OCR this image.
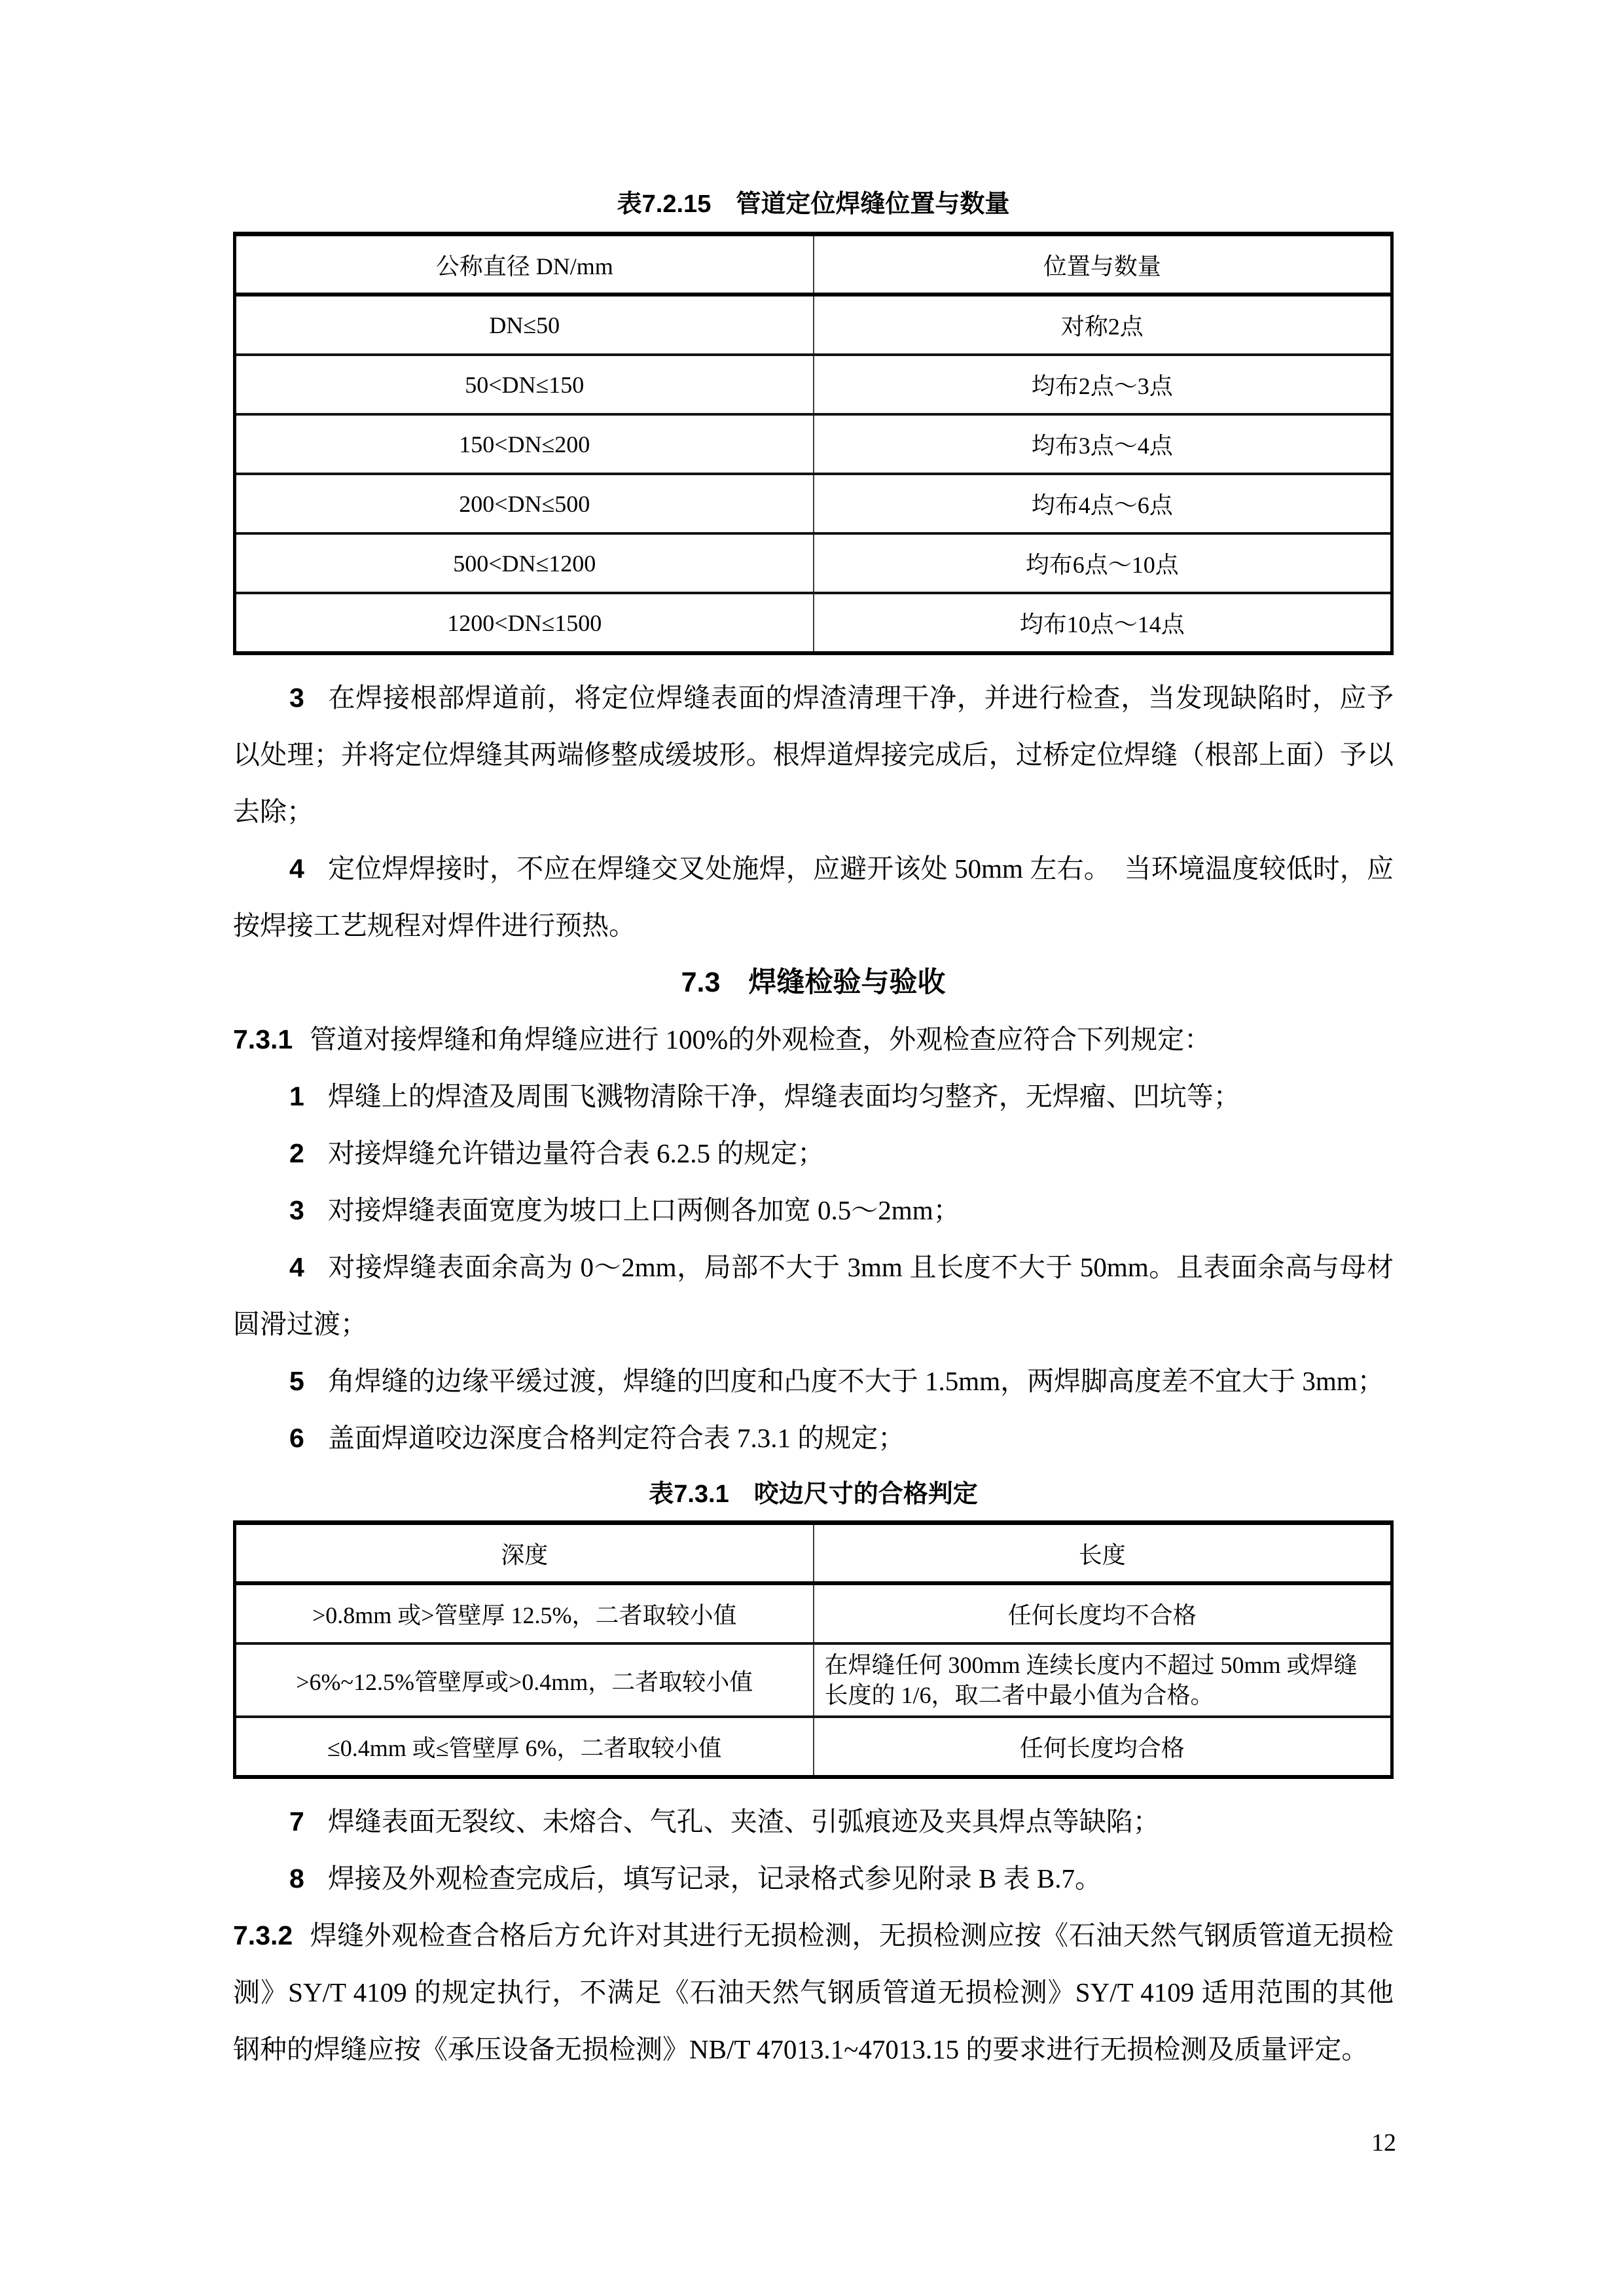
表7.2.15　管道定位焊缝位置与数量
公称直径 DN/mm	位置与数量
DN≤50	对称2点
50<DN≤150	均布2点～3点
150<DN≤200	均布3点～4点
200<DN≤500	均布4点～6点
500<DN≤1200	均布6点～10点
1200<DN≤1500	均布10点～14点

3 在焊接根部焊道前，将定位焊缝表面的焊渣清理干净，并进行检查，当发现缺陷时，应予以处理；并将定位焊缝其两端修整成缓坡形。根焊道焊接完成后，过桥定位焊缝（根部上面）予以去除；

4 定位焊焊接时，不应在焊缝交叉处施焊，应避开该处 50mm 左右。　当环境温度较低时，应按焊接工艺规程对焊件进行预热。

7.3　焊缝检验与验收

7.3.1 管道对接焊缝和角焊缝应进行 100%的外观检查，外观检查应符合下列规定：

1 焊缝上的焊渣及周围飞溅物清除干净，焊缝表面均匀整齐，无焊瘤、凹坑等；

2 对接焊缝允许错边量符合表 6.2.5 的规定；

3 对接焊缝表面宽度为坡口上口两侧各加宽 0.5～2mm；

4 对接焊缝表面余高为 0～2mm，局部不大于 3mm 且长度不大于 50mm。且表面余高与母材圆滑过渡；

5 角焊缝的边缘平缓过渡，焊缝的凹度和凸度不大于 1.5mm，两焊脚高度差不宜大于 3mm；

6 盖面焊道咬边深度合格判定符合表 7.3.1 的规定；

表7.3.1　咬边尺寸的合格判定
深度	长度
>0.8mm 或>管壁厚 12.5%，二者取较小值	任何长度均不合格
>6%~12.5%管壁厚或>0.4mm，二者取较小值	在焊缝任何 300mm 连续长度内不超过 50mm 或焊缝长度的 1/6，取二者中最小值为合格。
≤0.4mm 或≤管壁厚 6%，二者取较小值	任何长度均合格

7 焊缝表面无裂纹、未熔合、气孔、夹渣、引弧痕迹及夹具焊点等缺陷；

8 焊接及外观检查完成后，填写记录，记录格式参见附录 B 表 B.7。

7.3.2 焊缝外观检查合格后方允许对其进行无损检测，无损检测应按《石油天然气钢质管道无损检测》SY/T 4109 的规定执行，不满足《石油天然气钢质管道无损检测》SY/T 4109 适用范围的其他钢种的焊缝应按《承压设备无损检测》NB/T 47013.1~47013.15 的要求进行无损检测及质量评定。

12
